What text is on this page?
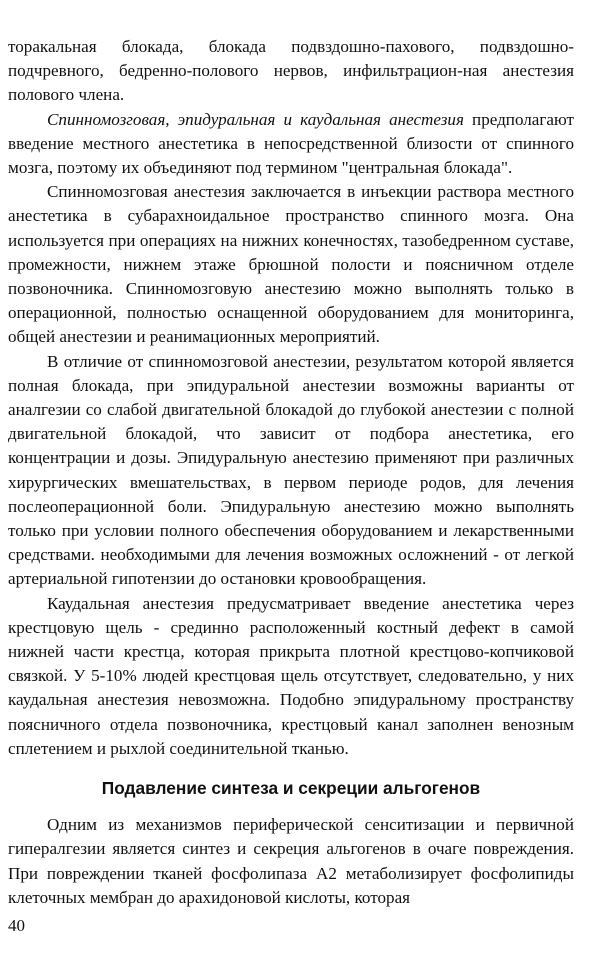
торакальная блокада, блокада подвздошно-пахового, подвздошно-подчревного, бедренно-полового нервов, инфильтрацион-ная анестезия полового члена.

Спинномозговая, эпидуральная и каудальная анестезия предполагают введение местного анестетика в непосредственной близости от спинного мозга, поэтому их объединяют под термином "центральная блокада".

Спинномозговая анестезия заключается в инъекции раствора местного анестетика в субарахноидальное пространство спинного мозга. Она используется при операциях на нижних конечностях, тазобедренном суставе, промежности, нижнем этаже брюшной полости и поясничном отделе позвоночника. Спинномозговую анестезию можно выполнять только в операционной, полностью оснащенной оборудованием для мониторинга, общей анестезии и реанимационных мероприятий.

В отличие от спинномозговой анестезии, результатом которой является полная блокада, при эпидуральной анестезии возможны варианты от аналгезии со слабой двигательной блокадой до глубокой анестезии с полной двигательной блокадой, что зависит от подбора анестетика, его концентрации и дозы. Эпидуральную анестезию применяют при различных хирургических вмешательствах, в первом периоде родов, для лечения послеоперационной боли. Эпидуральную анестезию можно выполнять только при условии полного обеспечения оборудованием и лекарственными средствами. необходимыми для лечения возможных осложнений - от легкой артериальной гипотензии до остановки кровообращения.

Каудальная анестезия предусматривает введение анестетика через крестцовую щель - срединно расположенный костный дефект в самой нижней части крестца, которая прикрыта плотной крестцово-копчиковой связкой. У 5-10% людей крестцовая щель отсутствует, следовательно, у них каудальная анестезия невозможна. Подобно эпидуральному пространству поясничного отдела позвоночника, крестцовый канал заполнен венозным сплетением и рыхлой соединительной тканью.

Подавление синтеза и секреции альгогенов

Одним из механизмов периферической сенситизации и первичной гипералгезии является синтез и секреция альгогенов в очаге повреждения. При повреждении тканей фосфолипаза А2 метаболизирует фосфолипиды клеточных мембран до арахидоновой кислоты, которая

40
